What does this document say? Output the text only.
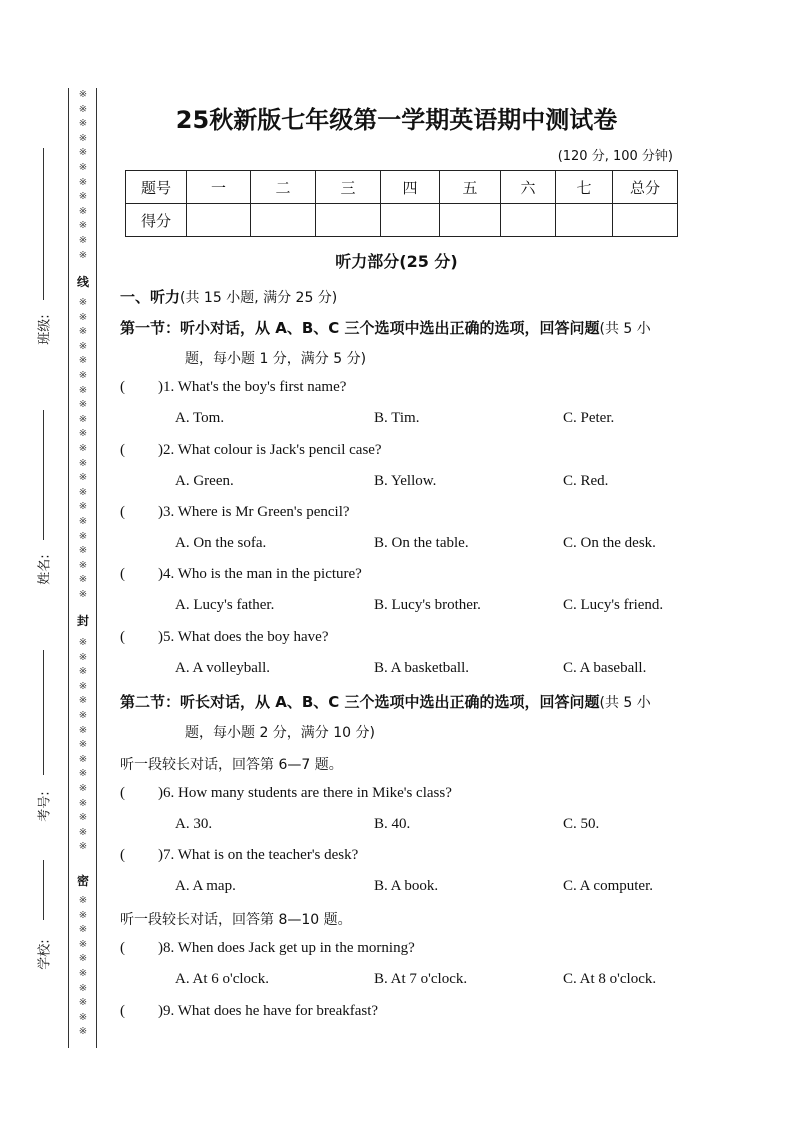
※※※※※※※※※※※※
※※※※※※※※※※※※※※※※※※※※※
※※※※※※※※※※※※※※※
※※※※※※※※※※
线
封
密
班级:
姓名:
考号:
学校:
25秋新版七年级第一学期英语期中测试卷
(120 分, 100 分钟)
题号	一	二	三	四	五	六	七	总分
得分								
听力部分(25 分)
一、听力(共 15 小题, 满分 25 分)
第一节：听小对话，从 A、B、C 三个选项中选出正确的选项，回答问题(共 5 小
题，每小题 1 分，满分 5 分)
( )1. What's the boy's first name?
A. Tom.	B. Tim.	C. Peter.
( )2. What colour is Jack's pencil case?
A. Green.	B. Yellow.	C. Red.
( )3. Where is Mr Green's pencil?
A. On the sofa.	B. On the table.	C. On the desk.
( )4. Who is the man in the picture?
A. Lucy's father.	B. Lucy's brother.	C. Lucy's friend.
( )5. What does the boy have?
A. A volleyball.	B. A basketball.	C. A baseball.
第二节：听长对话，从 A、B、C 三个选项中选出正确的选项，回答问题(共 5 小
题，每小题 2 分，满分 10 分)
听一段较长对话，回答第 6—7 题。
( )6. How many students are there in Mike's class?
A. 30.	B. 40.	C. 50.
( )7. What is on the teacher's desk?
A. A map.	B. A book.	C. A computer.
听一段较长对话，回答第 8—10 题。
( )8. When does Jack get up in the morning?
A. At 6 o'clock.	B. At 7 o'clock.	C. At 8 o'clock.
( )9. What does he have for breakfast?
